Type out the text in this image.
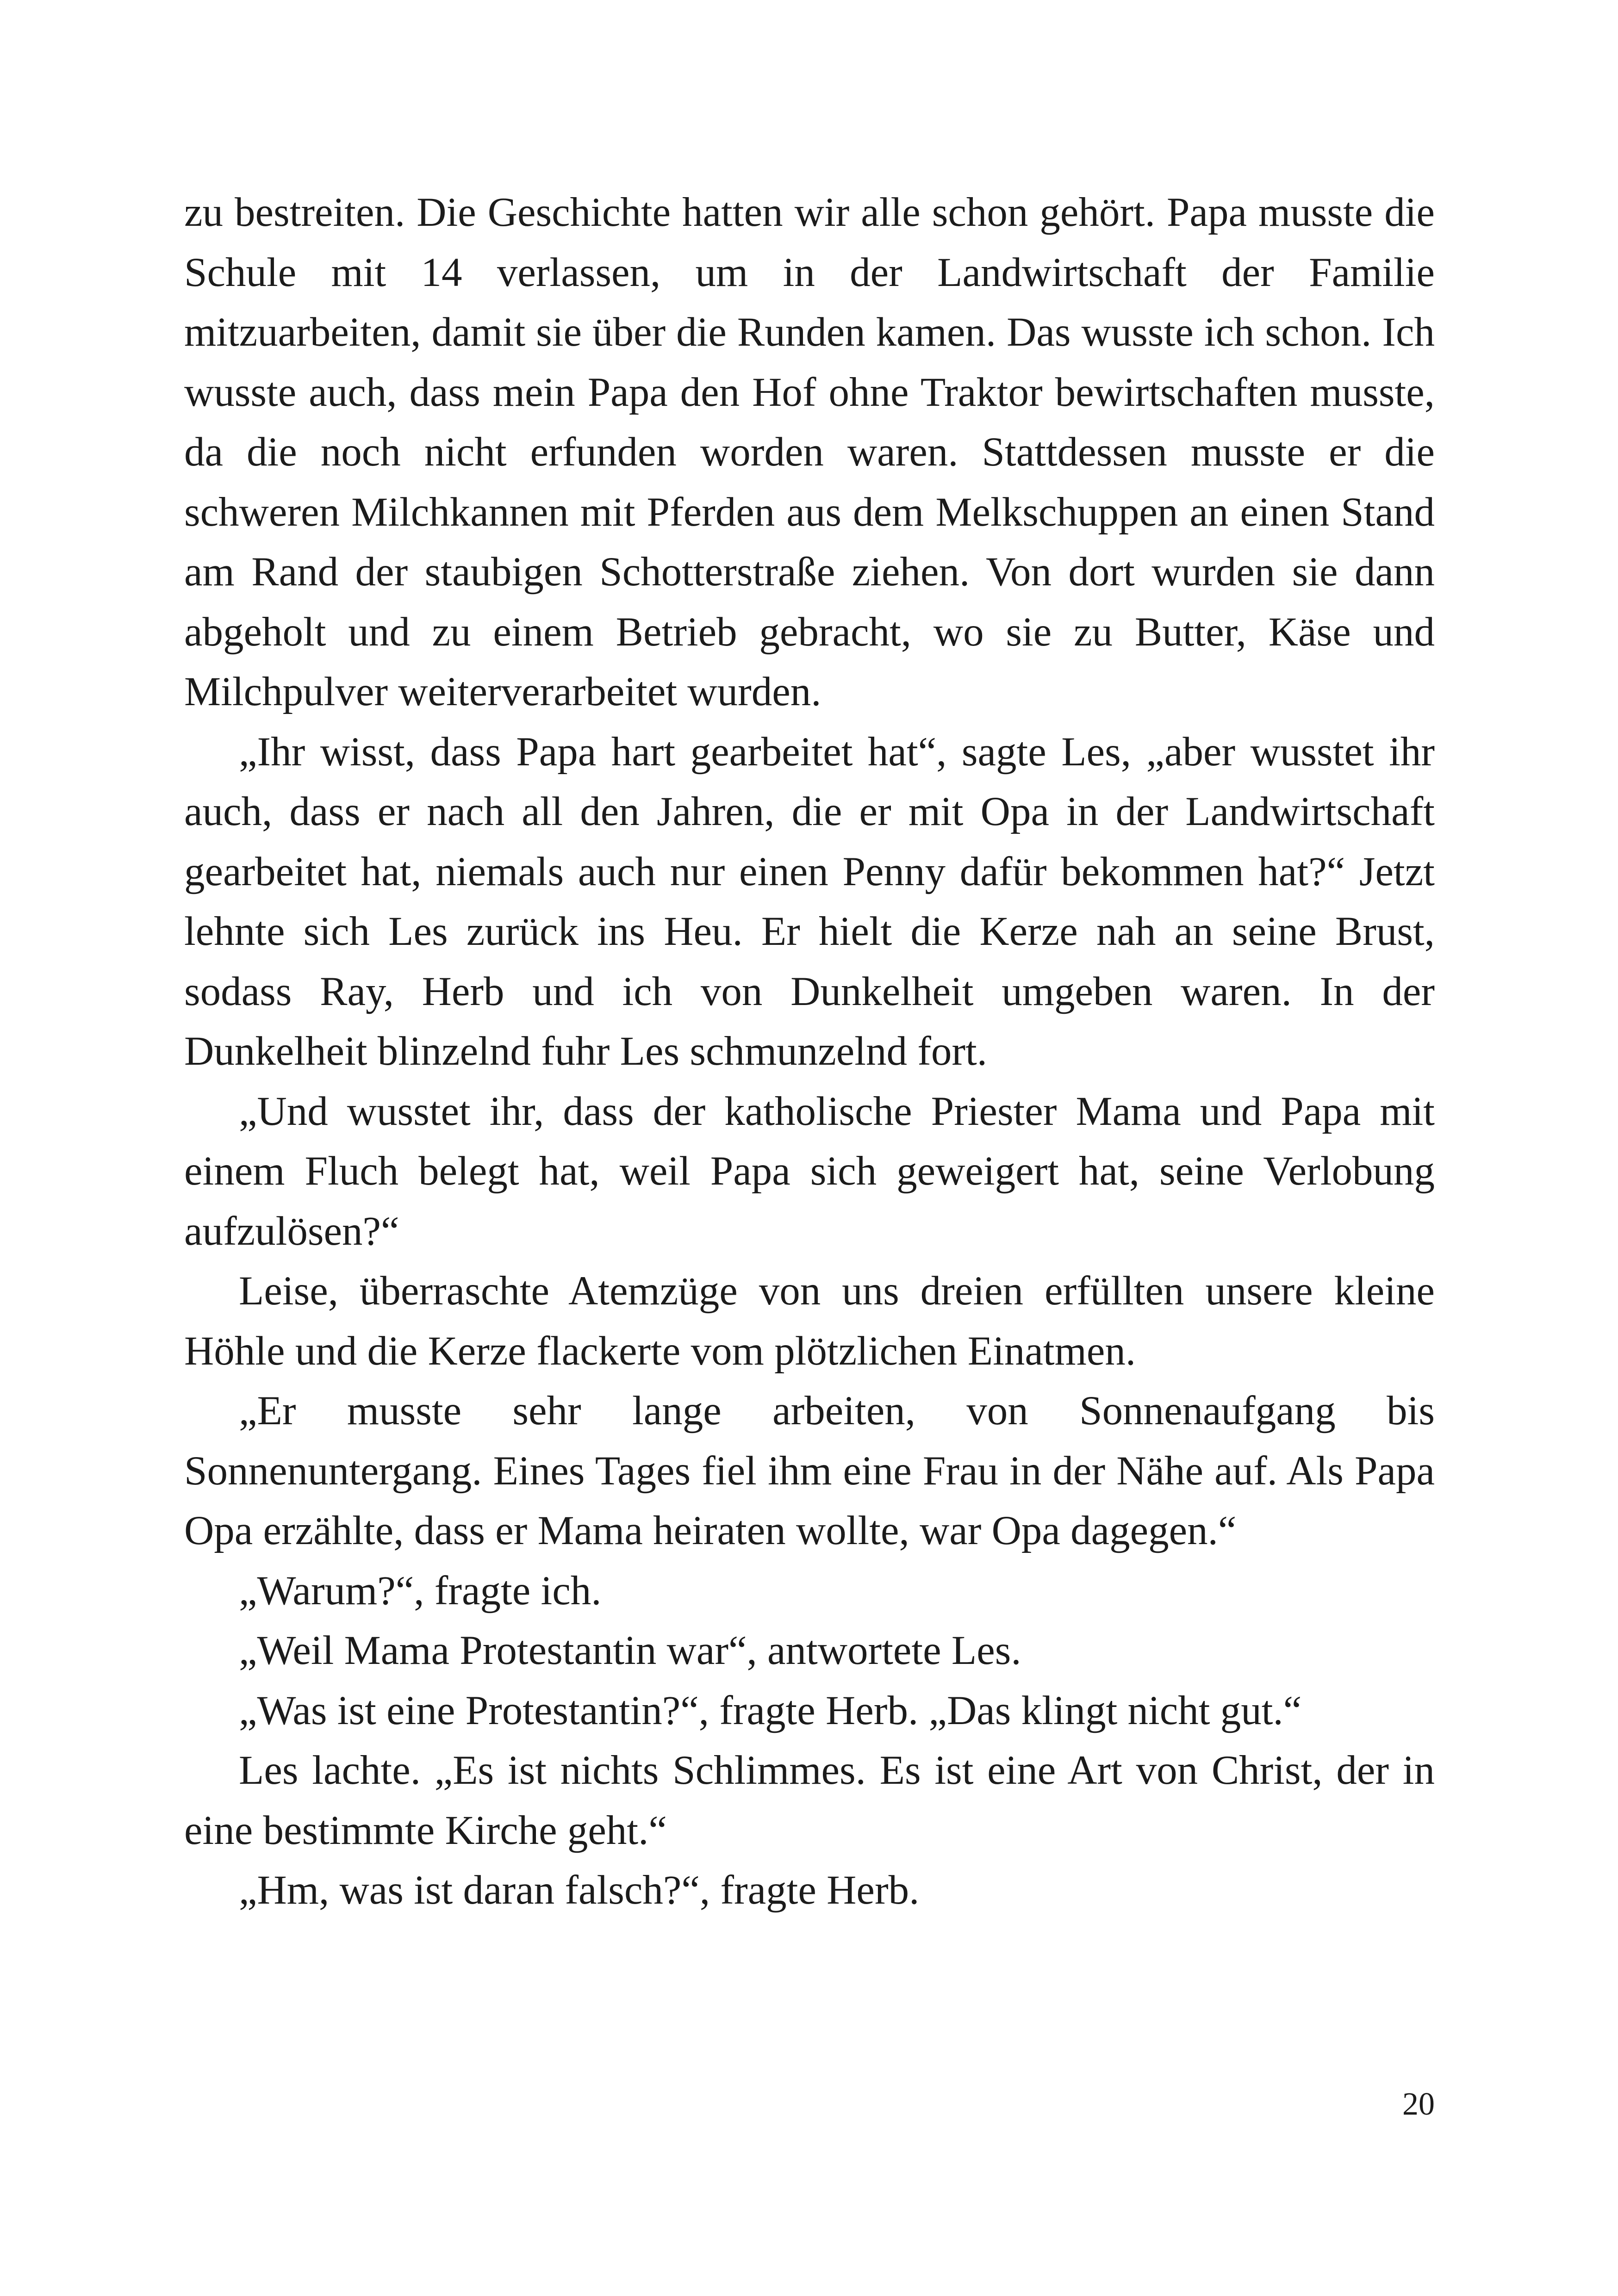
zu bestreiten. Die Geschichte hatten wir alle schon gehört. Papa musste die Schule mit 14 verlassen, um in der Landwirtschaft der Familie mitzuarbeiten, damit sie über die Runden kamen. Das wusste ich schon. Ich wusste auch, dass mein Papa den Hof ohne Traktor bewirtschaften musste, da die noch nicht erfunden worden waren. Stattdessen musste er die schweren Milchkannen mit Pferden aus dem Melkschuppen an einen Stand am Rand der staubigen Schotterstraße ziehen. Von dort wurden sie dann abgeholt und zu einem Betrieb gebracht, wo sie zu Butter, Käse und Milchpulver weiterverarbeitet wurden.

„Ihr wisst, dass Papa hart gearbeitet hat“, sagte Les, „aber wusstet ihr auch, dass er nach all den Jahren, die er mit Opa in der Landwirtschaft gearbeitet hat, niemals auch nur einen Penny dafür bekommen hat?“ Jetzt lehnte sich Les zurück ins Heu. Er hielt die Kerze nah an seine Brust, sodass Ray, Herb und ich von Dunkelheit umgeben waren. In der Dunkelheit blinzelnd fuhr Les schmunzelnd fort.

„Und wusstet ihr, dass der katholische Priester Mama und Papa mit einem Fluch belegt hat, weil Papa sich geweigert hat, seine Verlobung aufzulösen?“

Leise, überraschte Atemzüge von uns dreien erfüllten unsere kleine Höhle und die Kerze flackerte vom plötzlichen Einatmen.

„Er musste sehr lange arbeiten, von Sonnenaufgang bis Sonnenuntergang. Eines Tages fiel ihm eine Frau in der Nähe auf. Als Papa Opa erzählte, dass er Mama heiraten wollte, war Opa dagegen.“

„Warum?“, fragte ich.

„Weil Mama Protestantin war“, antwortete Les.

„Was ist eine Protestantin?“, fragte Herb. „Das klingt nicht gut.“

Les lachte. „Es ist nichts Schlimmes. Es ist eine Art von Christ, der in eine bestimmte Kirche geht.“

„Hm, was ist daran falsch?“, fragte Herb.

20
